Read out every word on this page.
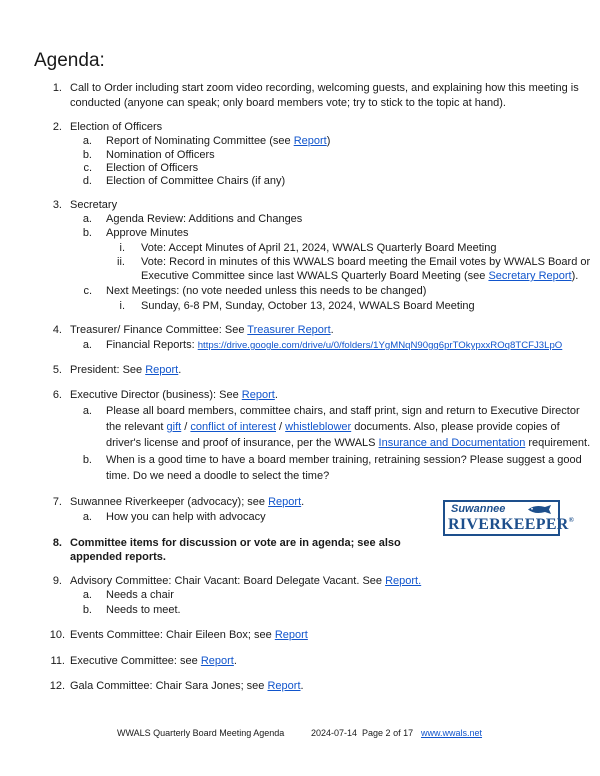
Agenda:
1. Call to Order including start zoom video recording, welcoming guests, and explaining how this meeting is
conducted (anyone can speak; only board members vote; try to stick to the topic at hand).
2. Election of Officers
a. Report of Nominating Committee (see Report)
b. Nomination of Officers
c. Election of Officers
d. Election of Committee Chairs (if any)
3. Secretary
a. Agenda Review: Additions and Changes
b. Approve Minutes
i. Vote: Accept Minutes of April 21, 2024, WWALS Quarterly Board Meeting
ii. Vote: Record in minutes of this WWALS board meeting the Email votes by WWALS Board or
Executive Committee since last WWALS Quarterly Board Meeting (see Secretary Report).
c. Next Meetings: (no vote needed unless this needs to be changed)
i. Sunday, 6-8 PM, Sunday, October 13, 2024, WWALS Board Meeting
4. Treasurer/ Finance Committee: See Treasurer Report.
a. Financial Reports: https://drive.google.com/drive/u/0/folders/1YgMNqN90gg6prTOkypxxROq8TCFJ3LpO
5. President: See Report.
6. Executive Director (business): See Report.
a. Please all board members, committee chairs, and staff print, sign and return to Executive Director
the relevant gift / conflict of interest / whistleblower documents. Also, please provide copies of
driver's license and proof of insurance, per the WWALS Insurance and Documentation requirement.
b. When is a good time to have a board member training, retraining session? Please suggest a good
time. Do we need a doodle to select the time?
7. Suwannee Riverkeeper (advocacy); see Report.
a. How you can help with advocacy
Suwannee
RIVERKEEPER®
8. Committee items for discussion or vote are in agenda; see also
appended reports.
9. Advisory Committee: Chair Vacant: Board Delegate Vacant. See Report.
a. Needs a chair
b. Needs to meet.
10. Events Committee: Chair Eileen Box; see Report
11. Executive Committee: see Report.
12. Gala Committee: Chair Sara Jones; see Report.
WWALS Quarterly Board Meeting Agenda	2024-07-14  Page 2 of 17 www.wwals.net
